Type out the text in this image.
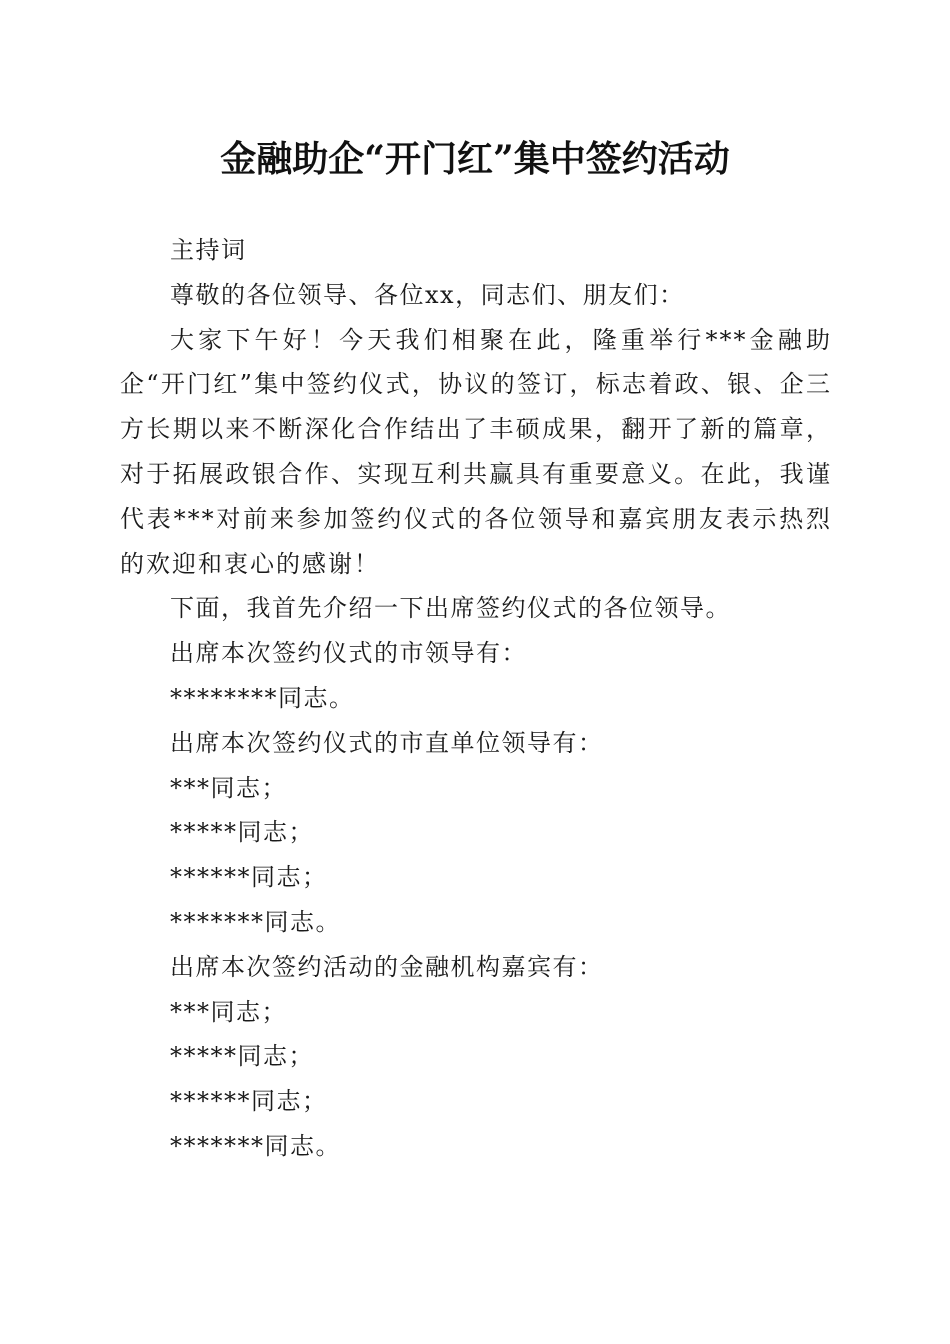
金融助企“开门红”集中签约活动

主持词

尊敬的各位领导、各位xx，同志们、朋友们：

大家下午好！今天我们相聚在此，隆重举行***金融助企“开门红”集中签约仪式，协议的签订，标志着政、银、企三方长期以来不断深化合作结出了丰硕成果，翻开了新的篇章，对于拓展政银合作、实现互利共赢具有重要意义。在此，我谨代表***对前来参加签约仪式的各位领导和嘉宾朋友表示热烈的欢迎和衷心的感谢！

下面，我首先介绍一下出席签约仪式的各位领导。

出席本次签约仪式的市领导有：

********同志。

出席本次签约仪式的市直单位领导有：

***同志；

*****同志；

******同志；

*******同志。

出席本次签约活动的金融机构嘉宾有：

***同志；

*****同志；

******同志；

*******同志。
